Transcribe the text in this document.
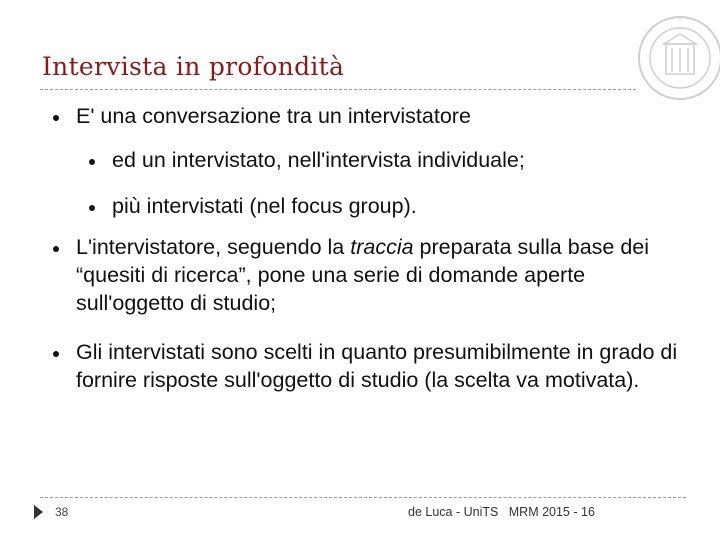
Intervista in profondità
E' una conversazione tra un intervistatore
ed un intervistato, nell'intervista individuale;
più intervistati (nel focus group).
L'intervistatore, seguendo la traccia preparata sulla base dei “quesiti di ricerca”, pone una serie di domande aperte sull'oggetto di studio;
Gli intervistati sono scelti in quanto presumibilmente in grado di fornire risposte sull'oggetto di studio (la scelta va motivata).
38	de Luca - UniTS MRM 2015 - 16
